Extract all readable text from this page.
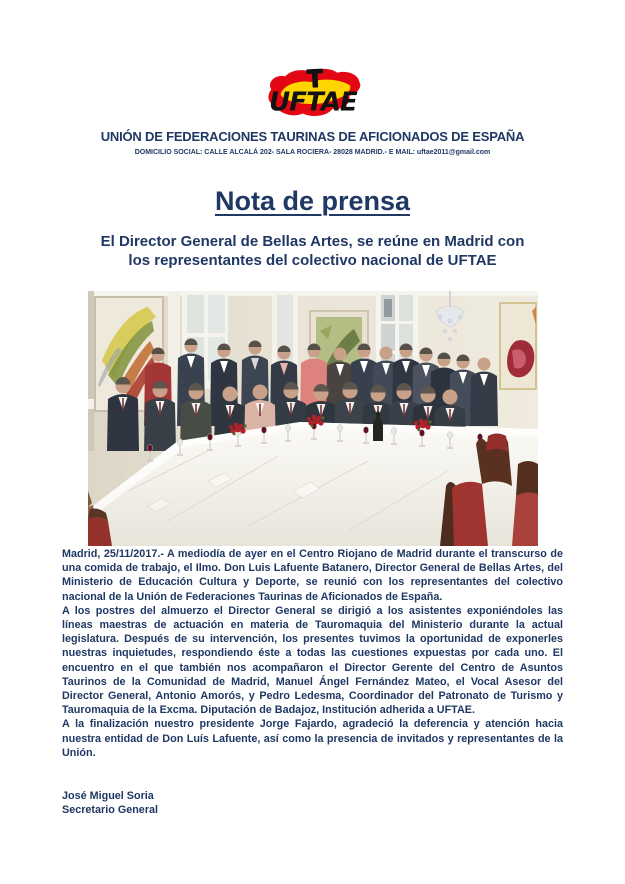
UFTAE
UNIÓN DE FEDERACIONES TAURINAS DE AFICIONADOS DE ESPAÑA
DOMICILIO SOCIAL: CALLE ALCALÁ 202- SALA ROCIERA- 28028 MADRID.- E MAIL: uftae2011@gmail.com
Nota de prensa
El Director General de Bellas Artes, se reúne en Madrid con
los representantes del colectivo nacional de UFTAE

Madrid, 25/11/2017.- A mediodía de ayer en el Centro Riojano de Madrid durante el transcurso de una comida de trabajo, el Ilmo. Don Luis Lafuente Batanero, Director General de Bellas Artes, del Ministerio de Educación Cultura y Deporte, se reunió con los representantes del colectivo nacional de la Unión de Federaciones Taurinas de Aficionados de España.

A los postres del almuerzo el Director General se dirigió a los asistentes exponiéndoles las líneas maestras de actuación en materia de Tauromaquia del Ministerio durante la actual legislatura. Después de su intervención, los presentes tuvimos la oportunidad de exponerles nuestras inquietudes, respondiendo éste a todas las cuestiones expuestas por cada uno. El encuentro en el que también nos acompañaron el Director Gerente del Centro de Asuntos Taurinos de la Comunidad de Madrid, Manuel Ángel Fernández Mateo, el Vocal Asesor del Director General, Antonio Amorós, y Pedro Ledesma, Coordinador del Patronato de Turismo y Tauromaquia de la Excma. Diputación de Badajoz, Institución adherida a UFTAE.

A la finalización nuestro presidente Jorge Fajardo, agradeció la deferencia y atención hacia nuestra entidad de Don Luís Lafuente, así como la presencia de invitados y representantes de la Unión.

José Miguel Soria
Secretario General
